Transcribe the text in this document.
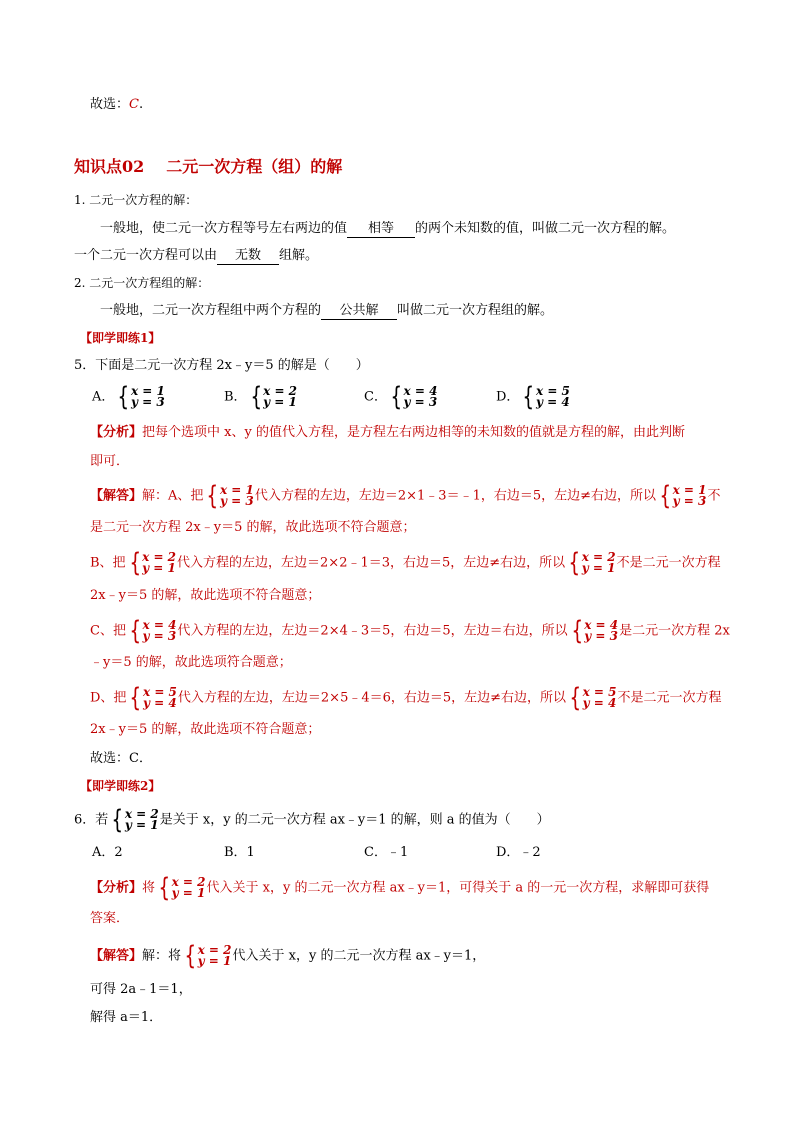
故选：C.
知识点02 二元一次方程（组）的解
1. 二元一次方程的解：
一般地，使二元一次方程等号左右两边的值 相等 的两个未知数的值，叫做二元一次方程的解。
一个二元一次方程可以由 无数 组解。
2. 二元一次方程组的解：
一般地，二元一次方程组中两个方程的 公共解 叫做二元一次方程组的解。
【即学即练1】
5．下面是二元一次方程 2x﹣y＝5 的解是（　　）
A． { x = 1
y = 3	B． { x = 2
y = 1	C． { x = 4
y = 3	D． { x = 5
y = 4
【分析】把每个选项中 x、y 的值代入方程，是方程左右两边相等的未知数的值就是方程的解，由此判断
即可．
【解答】解：A、把 { x = 1
y = 3 代入方程的左边，左边＝2×1﹣3＝﹣1，右边＝5，左边≠右边，所以 { x = 1
y = 3 不
是二元一次方程 2x﹣y＝5 的解，故此选项不符合题意；
B、把 { x = 2
y = 1 代入方程的左边，左边＝2×2﹣1＝3，右边＝5，左边≠右边，所以 { x = 2
y = 1 不是二元一次方程
2x﹣y＝5 的解，故此选项不符合题意；
C、把 { x = 4
y = 3 代入方程的左边，左边＝2×4﹣3＝5，右边＝5，左边＝右边，所以 { x = 4
y = 3 是二元一次方程 2x
﹣y＝5 的解，故此选项符合题意；
D、把 { x = 5
y = 4 代入方程的左边，左边＝2×5﹣4＝6，右边＝5，左边≠右边，所以 { x = 5
y = 4 不是二元一次方程
2x﹣y＝5 的解，故此选项不符合题意；
故选：C．
【即学即练2】
6．若 { x = 2
y = 1 是关于 x，y 的二元一次方程 ax﹣y＝1 的解，则 a 的值为（　　）
A．2	B．1	C．﹣1	D．﹣2
【分析】将 { x = 2
y = 1 代入关于 x，y 的二元一次方程 ax﹣y＝1，可得关于 a 的一元一次方程，求解即可获得
答案．
【解答】解：将 { x = 2
y = 1 代入关于 x，y 的二元一次方程 ax﹣y＝1，
可得 2a﹣1＝1，
解得 a＝1．
